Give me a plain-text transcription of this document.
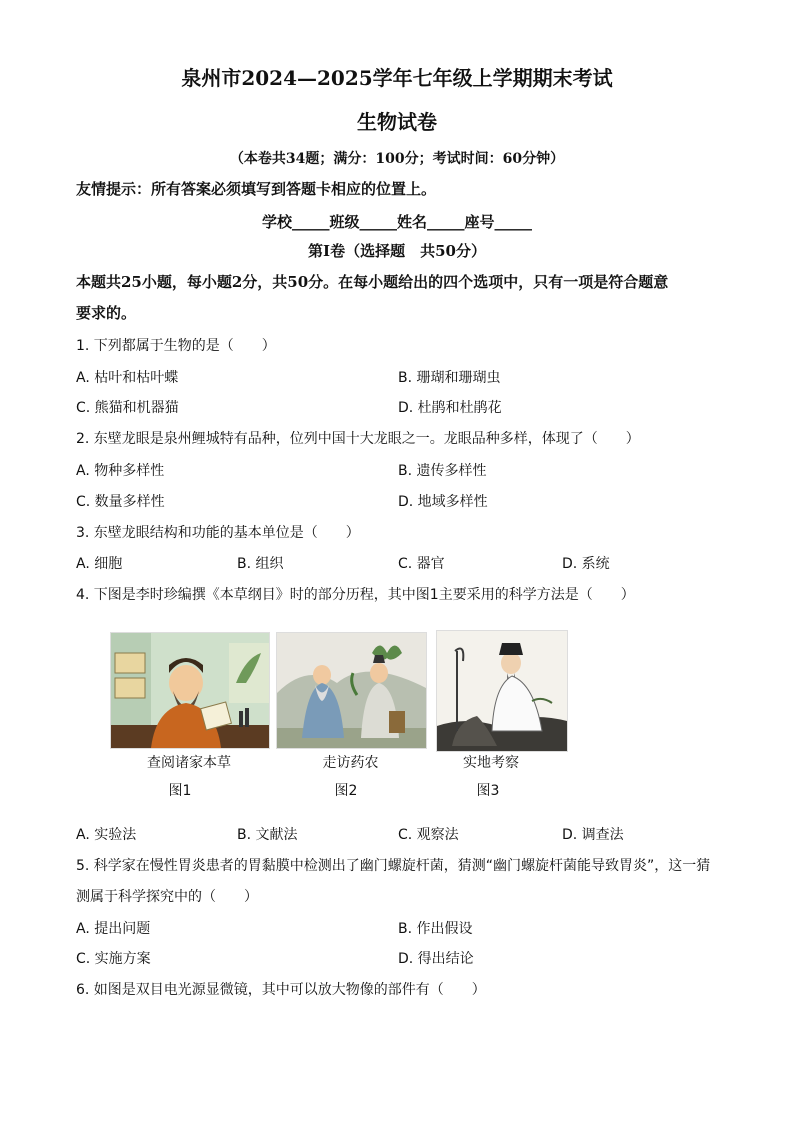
泉州市2024—2025学年七年级上学期期末考试
生物试卷
（本卷共34题；满分：100分；考试时间：60分钟）
友情提示：所有答案必须填写到答题卡相应的位置上。
学校_____班级_____姓名_____座号_____
第Ⅰ卷（选择题　共50分）
本题共25小题，每小题2分，共50分。在每小题给出的四个选项中，只有一项是符合题意
要求的。
1. 下列都属于生物的是（　　）
A. 枯叶和枯叶蝶	B. 珊瑚和珊瑚虫
C. 熊猫和机器猫	D. 杜鹃和杜鹃花
2. 东壁龙眼是泉州鲤城特有品种，位列中国十大龙眼之一。龙眼品种多样，体现了（　　）
A. 物种多样性	B. 遗传多样性
C. 数量多样性	D. 地域多样性
3. 东壁龙眼结构和功能的基本单位是（　　）
A. 细胞	B. 组织	C. 器官	D. 系统
4. 下图是李时珍编撰《本草纲目》时的部分历程，其中图1主要采用的科学方法是（　　）
查阅诸家本草	走访药农	实地考察
图1	图2	图3
A. 实验法	B. 文献法	C. 观察法	D. 调查法
5. 科学家在慢性胃炎患者的胃黏膜中检测出了幽门螺旋杆菌，猜测“幽门螺旋杆菌能导致胃炎”，这一猜
测属于科学探究中的（　　）
A. 提出问题	B. 作出假设
C. 实施方案	D. 得出结论
6. 如图是双目电光源显微镜，其中可以放大物像的部件有（　　）
